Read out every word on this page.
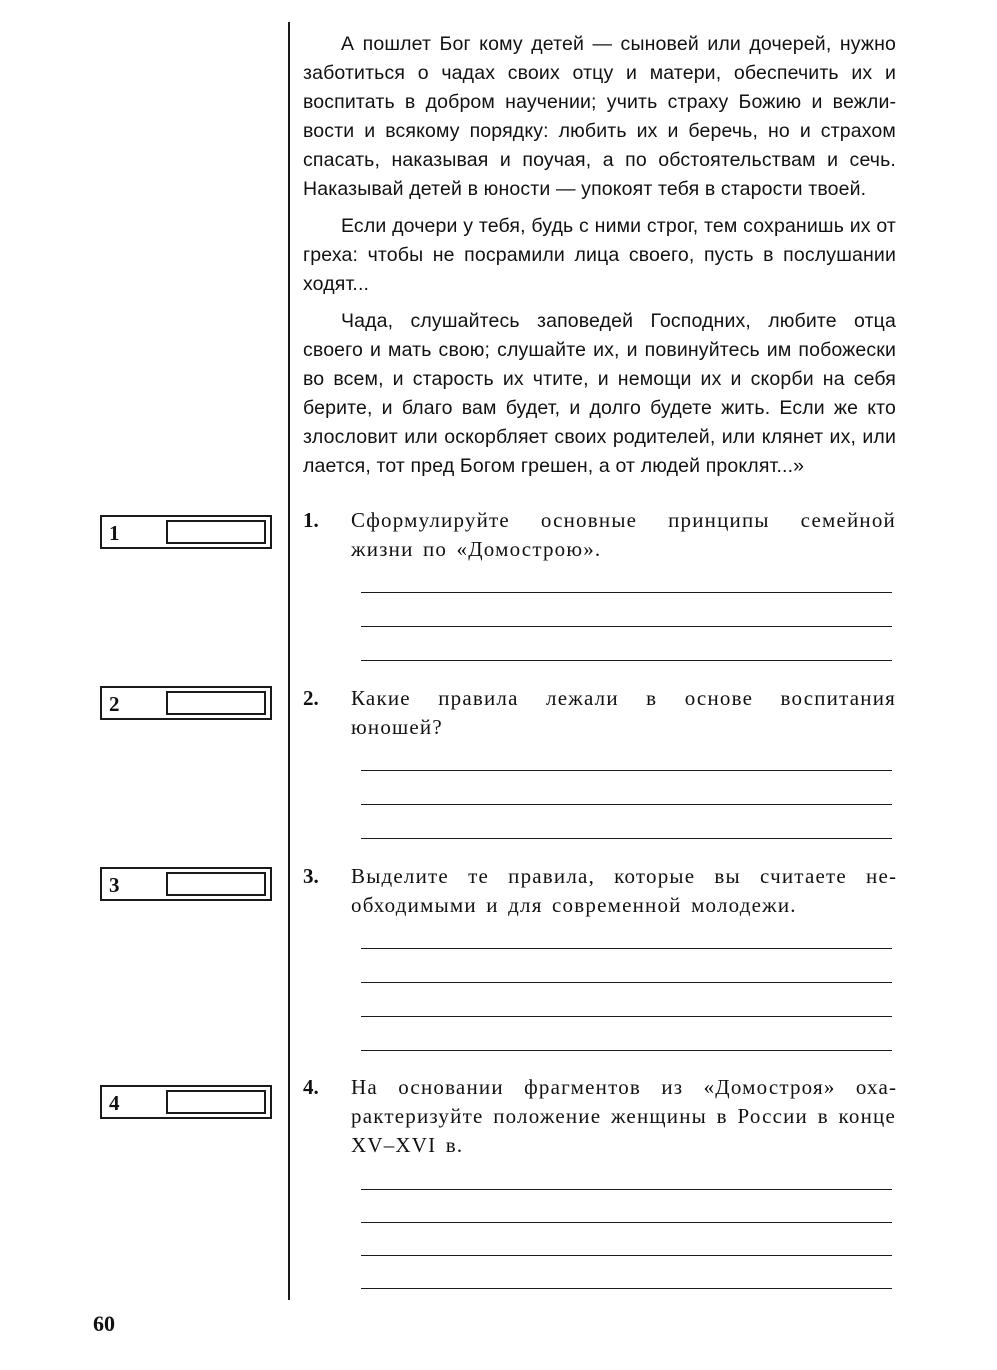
А пошлет Бог кому детей — сыновей или дочерей, нужно заботиться о чадах своих отцу и матери, обеспечить их и воспитать в добром научении; учить страху Божию и вежливости и всякому порядку: любить их и беречь, но и страхом спасать, наказывая и поучая, а по обстоятельствам и сечь. Наказывай детей в юности — упокоят тебя в старости твоей.

Если дочери у тебя, будь с ними строг, тем сохранишь их от греха: чтобы не посрамили лица своего, пусть в послушании ходят...

Чада, слушайтесь заповедей Господних, любите отца своего и мать свою; слушайте их, и повинуйтесь им побожески во всем, и старость их чтите, и немощи их и скорби на себя берите, и благо вам будет, и долго будете жить. Если же кто злословит или оскорбляет своих родителей, или клянет их, или лается, тот пред Богом грешен, а от людей проклят...»

1
2
3
4
1. Сформулируйте основные принципы семейной жизни по «Домострою».
2. Какие правила лежали в основе воспитания юношей?
3. Выделите те правила, которые вы считаете необходимыми и для современной молодежи.
4. На основании фрагментов из «Домостроя» охарактеризуйте положение женщины в России в конце XV–XVI в.
60
